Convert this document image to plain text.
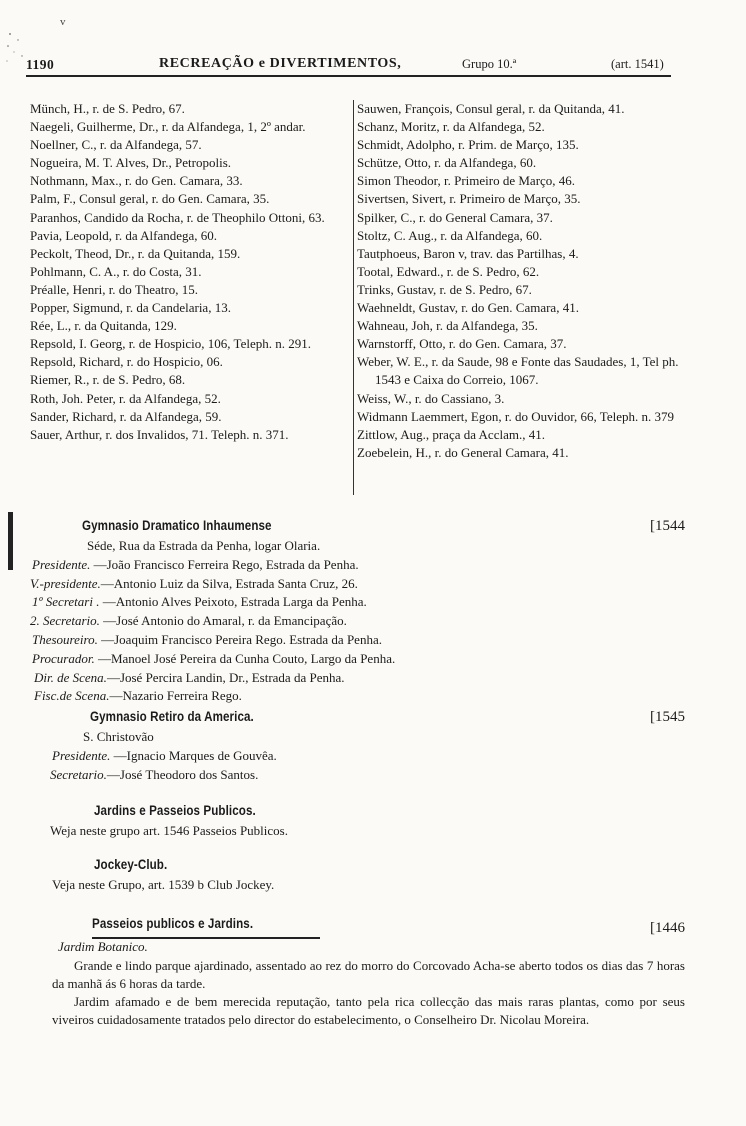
v
1190	RECREAÇÃO e DIVERTIMENTOS,	Grupo 10.ª	(art. 1541)
Münch, H., r. de S. Pedro, 67.
Naegeli, Guilherme, Dr., r. da Alfandega, 1, 2º andar.
Noellner, C., r. da Alfandega, 57.
Nogueira, M. T. Alves, Dr., Petropolis.
Nothmann, Max., r. do Gen. Camara, 33.
Palm, F., Consul geral, r. do Gen. Camara, 35.
Paranhos, Candido da Rocha, r. de Theophilo Ottoni, 63.
Pavia, Leopold, r. da Alfandega, 60.
Peckolt, Theod, Dr., r. da Quitanda, 159.
Pohlmann, C. A., r. do Costa, 31.
Préalle, Henri, r. do Theatro, 15.
Popper, Sigmund, r. da Candelaria, 13.
Rée, L., r. da Quitanda, 129.
Repsold, I. Georg, r. de Hospicio, 106, Teleph. n. 291.
Repsold, Richard, r. do Hospicio, 06.
Riemer, R., r. de S. Pedro, 68.
Roth, Joh. Peter, r. da Alfandega, 52.
Sander, Richard, r. da Alfandega, 59.
Sauer, Arthur, r. dos Invalidos, 71. Teleph. n. 371.
Sauwen, François, Consul geral, r. da Quitanda, 41.
Schanz, Moritz, r. da Alfandega, 52.
Schmidt, Adolpho, r. Prim. de Março, 135.
Schütze, Otto, r. da Alfandega, 60.
Simon Theodor, r. Primeiro de Março, 46.
Sivertsen, Sivert, r. Primeiro de Março, 35.
Spilker, C., r. do General Camara, 37.
Stoltz, C. Aug., r. da Alfandega, 60.
Tautphoeus, Baron v, trav. das Partilhas, 4.
Tootal, Edward., r. de S. Pedro, 62.
Trinks, Gustav, r. de S. Pedro, 67.
Waehneldt, Gustav, r. do Gen. Camara, 41.
Wahneau, Joh, r. da Alfandega, 35.
Warnstorff, Otto, r. do Gen. Camara, 37.
Weber, W. E., r. da Saude, 98 e Fonte das Saudades, 1, Tel ph. 1543 e Caixa do Correio, 1067.
Weiss, W., r. do Cassiano, 3.
Widmann Laemmert, Egon, r. do Ouvidor, 66, Teleph. n. 379
Zittlow, Aug., praça da Acclam., 41.
Zoebelein, H., r. do General Camara, 41.
Gymnasio Dramatico Inhaumense	[1544
Séde, Rua da Estrada da Penha, logar Olaria.
Presidente. —João Francisco Ferreira Rego, Estrada da Penha.
V.-presidente.—Antonio Luiz da Silva, Estrada Santa Cruz, 26.
1º Secretari . —Antonio Alves Peixoto, Estrada Larga da Penha.
2. Secretario. —José Antonio do Amaral, r. da Emancipação.
Thesoureiro. —Joaquim Francisco Pereira Rego. Estrada da Penha.
Procurador. —Manoel José Pereira da Cunha Couto, Largo da Penha.
Dir. de Scena.—José Percira Landin, Dr., Estrada da Penha.
Fisc.de Scena.—Nazario Ferreira Rego.
Gymnasio Retiro da America.	[1545
S. Christovão
Presidente. —Ignacio Marques de Gouvêa.
Secretario.—José Theodoro dos Santos.
Jardins e Passeios Publicos.
Weja neste grupo art. 1546 Passeios Publicos.
Jockey-Club.
Veja neste Grupo, art. 1539 b Club Jockey.
Passeios publicos e Jardins.	[1446
Jardim Botanico.
Grande e lindo parque ajardinado, assentado ao rez do morro do Corcovado Acha-se aberto todos os dias das 7 horas da manhã ás 6 horas da tarde.
Jardim afamado e de bem merecida reputação, tanto pela rica collecção das mais raras plantas, como por seus viveiros cuidadosamente tratados pelo director do estabelecimento, o Conselheiro Dr. Nicolau Moreira.
